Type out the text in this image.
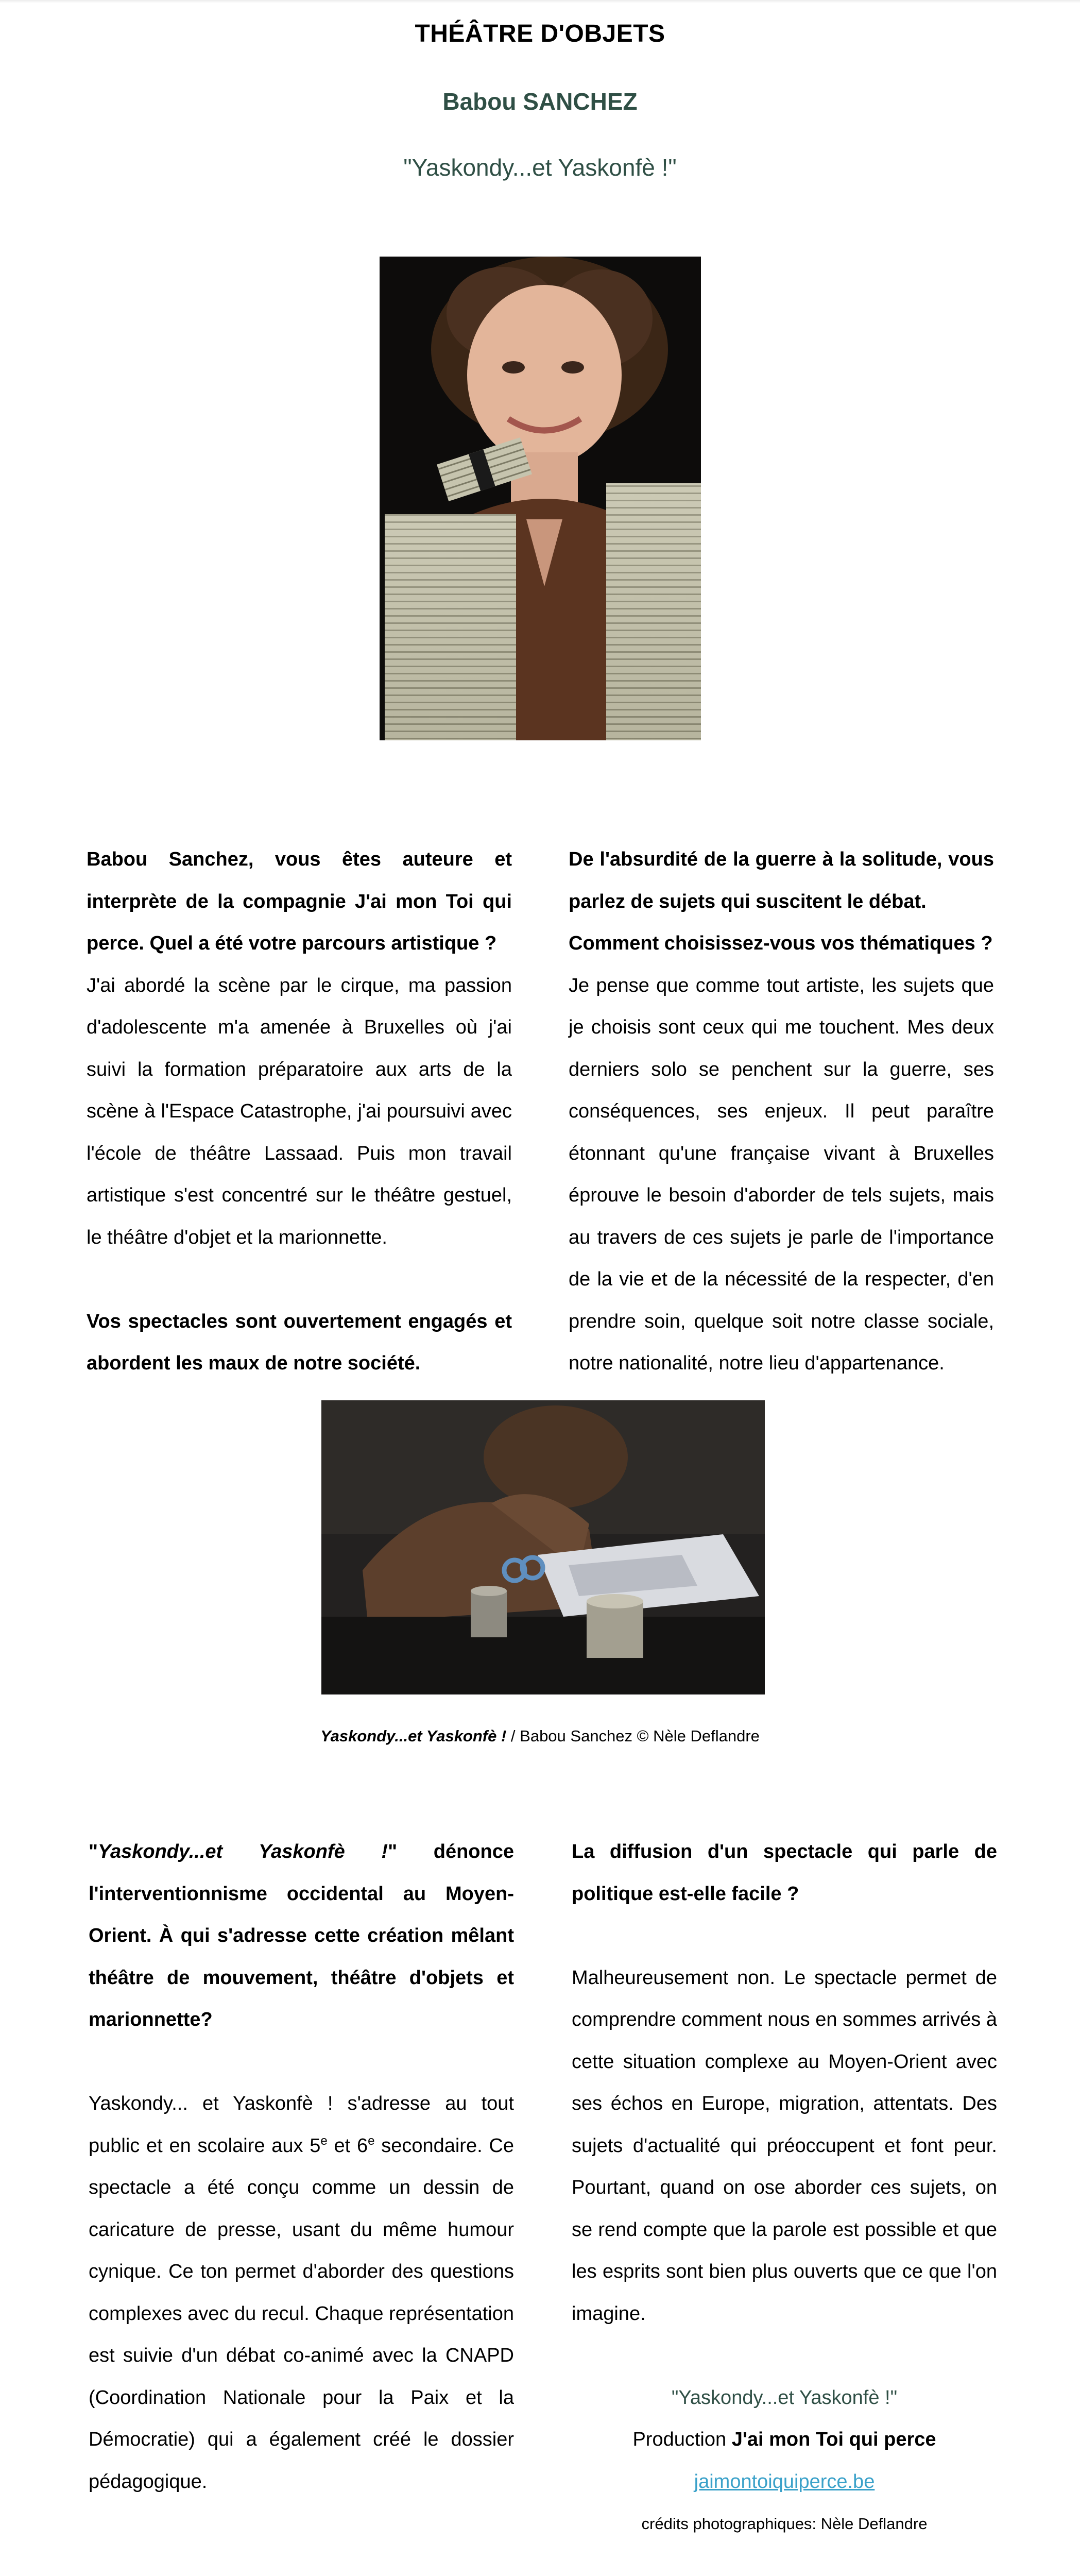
THÉÂTRE D'OBJETS
Babou SANCHEZ
"Yaskondy...et Yaskonfè !"

Babou Sanchez, vous êtes auteure et interprète de la compagnie J'ai mon Toi qui perce. Quel a été votre parcours artistique ?

J'ai abordé la scène par le cirque, ma passion d'adolescente m'a amenée à Bruxelles où j'ai suivi la formation préparatoire aux arts de la scène à l'Espace Catastrophe, j'ai poursuivi avec l'école de théâtre Lassaad. Puis mon travail artistique s'est concentré sur le théâtre gestuel, le théâtre d'objet et la marionnette.

Vos spectacles sont ouvertement engagés et abordent les maux de notre société.

De l'absurdité de la guerre à la solitude, vous parlez de sujets qui suscitent le débat.

Comment choisissez-vous vos thématiques ?

Je pense que comme tout artiste, les sujets que je choisis sont ceux qui me touchent. Mes deux derniers solo se penchent sur la guerre, ses conséquences, ses enjeux. Il peut paraître étonnant qu'une française vivant à Bruxelles éprouve le besoin d'aborder de tels sujets, mais au travers de ces sujets je parle de l'importance de la vie et de la nécessité de la respecter, d'en prendre soin, quelque soit notre classe sociale, notre nationalité, notre lieu d'appartenance.

Yaskondy...et Yaskonfè ! / Babou Sanchez © Nèle Deflandre

"Yaskondy...et Yaskonfè !" dénonce l'interventionnisme occidental au Moyen-Orient. À qui s'adresse cette création mêlant théâtre de mouvement, théâtre d'objets et marionnette?

Yaskondy... et Yaskonfè ! s'adresse au tout public et en scolaire aux 5e et 6e secondaire. Ce spectacle a été conçu comme un dessin de caricature de presse, usant du même humour cynique. Ce ton permet d'aborder des questions complexes avec du recul. Chaque représentation est suivie d'un débat co-animé avec la CNAPD (Coordination Nationale pour la Paix et la Démocratie) qui a également créé le dossier pédagogique.

La diffusion d'un spectacle qui parle de politique est-elle facile ?

Malheureusement non. Le spectacle permet de comprendre comment nous en sommes arrivés à cette situation complexe au Moyen-Orient avec ses échos en Europe, migration, attentats. Des sujets d'actualité qui préoccupent et font peur. Pourtant, quand on ose aborder ces sujets, on se rend compte que la parole est possible et que les esprits sont bien plus ouverts que ce que l'on imagine.

"Yaskondy...et Yaskonfè !"

Production J'ai mon Toi qui perce

jaimontoiquiperce.be

crédits photographiques: Nèle Deflandre
